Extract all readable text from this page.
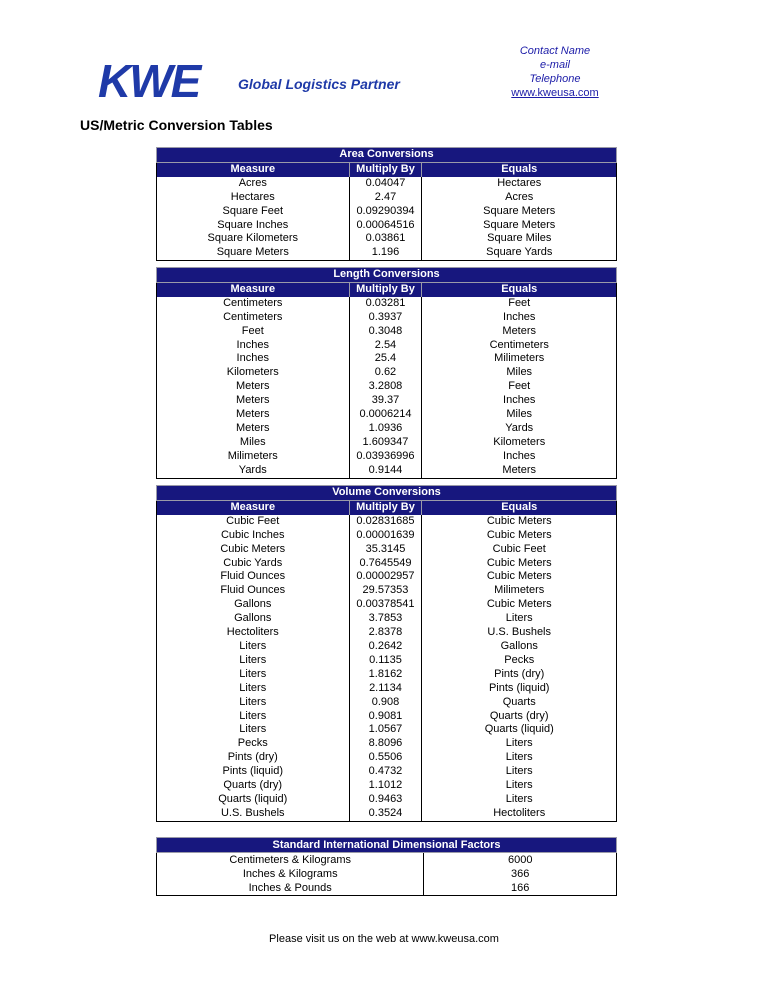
KWE	Global Logistics Partner
Contact Name
e-mail
Telephone
www.kweusa.com
US/Metric Conversion Tables
Area Conversions		
Measure	Multiply By	Equals
Acres	0.04047	Hectares
Hectares	2.47	Acres
Square Feet	0.09290394	Square Meters
Square Inches	0.00064516	Square Meters
Square Kilometers	0.03861	Square Miles
Square Meters	1.196	Square Yards
Length Conversions		
Measure	Multiply By	Equals
Centimeters	0.03281	Feet
Centimeters	0.3937	Inches
Feet	0.3048	Meters
Inches	2.54	Centimeters
Inches	25.4	Milimeters
Kilometers	0.62	Miles
Meters	3.2808	Feet
Meters	39.37	Inches
Meters	0.0006214	Miles
Meters	1.0936	Yards
Miles	1.609347	Kilometers
Milimeters	0.03936996	Inches
Yards	0.9144	Meters
Volume Conversions		
Measure	Multiply By	Equals
Cubic Feet	0.02831685	Cubic Meters
Cubic Inches	0.00001639	Cubic Meters
Cubic Meters	35.3145	Cubic Feet
Cubic Yards	0.7645549	Cubic Meters
Fluid Ounces	0.00002957	Cubic Meters
Fluid Ounces	29.57353	Milimeters
Gallons	0.00378541	Cubic Meters
Gallons	3.7853	Liters
Hectoliters	2.8378	U.S. Bushels
Liters	0.2642	Gallons
Liters	0.1135	Pecks
Liters	1.8162	Pints (dry)
Liters	2.1134	Pints (liquid)
Liters	0.908	Quarts
Liters	0.9081	Quarts (dry)
Liters	1.0567	Quarts (liquid)
Pecks	8.8096	Liters
Pints (dry)	0.5506	Liters
Pints (liquid)	0.4732	Liters
Quarts (dry)	1.1012	Liters
Quarts (liquid)	0.9463	Liters
U.S. Bushels	0.3524	Hectoliters
Standard International Dimensional Factors	
Centimeters & Kilograms	6000
Inches & Kilograms	366
Inches & Pounds	166
Please visit us on the web at www.kweusa.com
